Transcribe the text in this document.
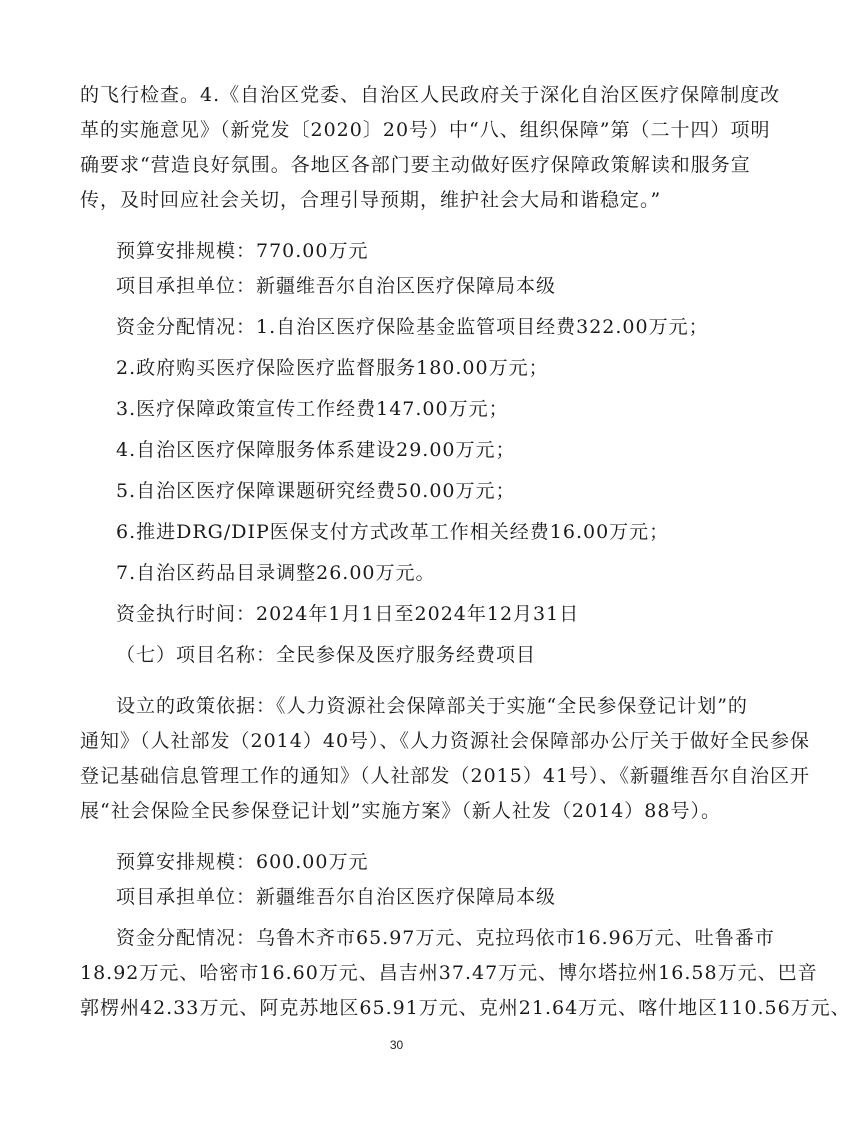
的飞行检查。4.《自治区党委、自治区人民政府关于深化自治区医疗保障制度改
革的实施意见》（新党发〔2020〕20号）中“八、组织保障”第（二十四）项明
确要求“营造良好氛围。各地区各部门要主动做好医疗保障政策解读和服务宣
传，及时回应社会关切，合理引导预期，维护社会大局和谐稳定。”
预算安排规模：770.00万元
项目承担单位：新疆维吾尔自治区医疗保障局本级
资金分配情况：1.自治区医疗保险基金监管项目经费322.00万元；
2.政府购买医疗保险医疗监督服务180.00万元；
3.医疗保障政策宣传工作经费147.00万元；
4.自治区医疗保障服务体系建设29.00万元；
5.自治区医疗保障课题研究经费50.00万元；
6.推进DRG/DIP医保支付方式改革工作相关经费16.00万元；
7.自治区药品目录调整26.00万元。
资金执行时间：2024年1月1日至2024年12月31日
（七）项目名称：全民参保及医疗服务经费项目
设立的政策依据：《人力资源社会保障部关于实施“全民参保登记计划”的
通知》（人社部发（2014）40号）、《人力资源社会保障部办公厅关于做好全民参保
登记基础信息管理工作的通知》（人社部发（2015）41号）、《新疆维吾尔自治区开
展“社会保险全民参保登记计划”实施方案》（新人社发（2014）88号）。
预算安排规模：600.00万元
项目承担单位：新疆维吾尔自治区医疗保障局本级
资金分配情况：乌鲁木齐市65.97万元、克拉玛依市16.96万元、吐鲁番市
18.92万元、哈密市16.60万元、昌吉州37.47万元、博尔塔拉州16.58万元、巴音
郭楞州42.33万元、阿克苏地区65.91万元、克州21.64万元、喀什地区110.56万元、
30
